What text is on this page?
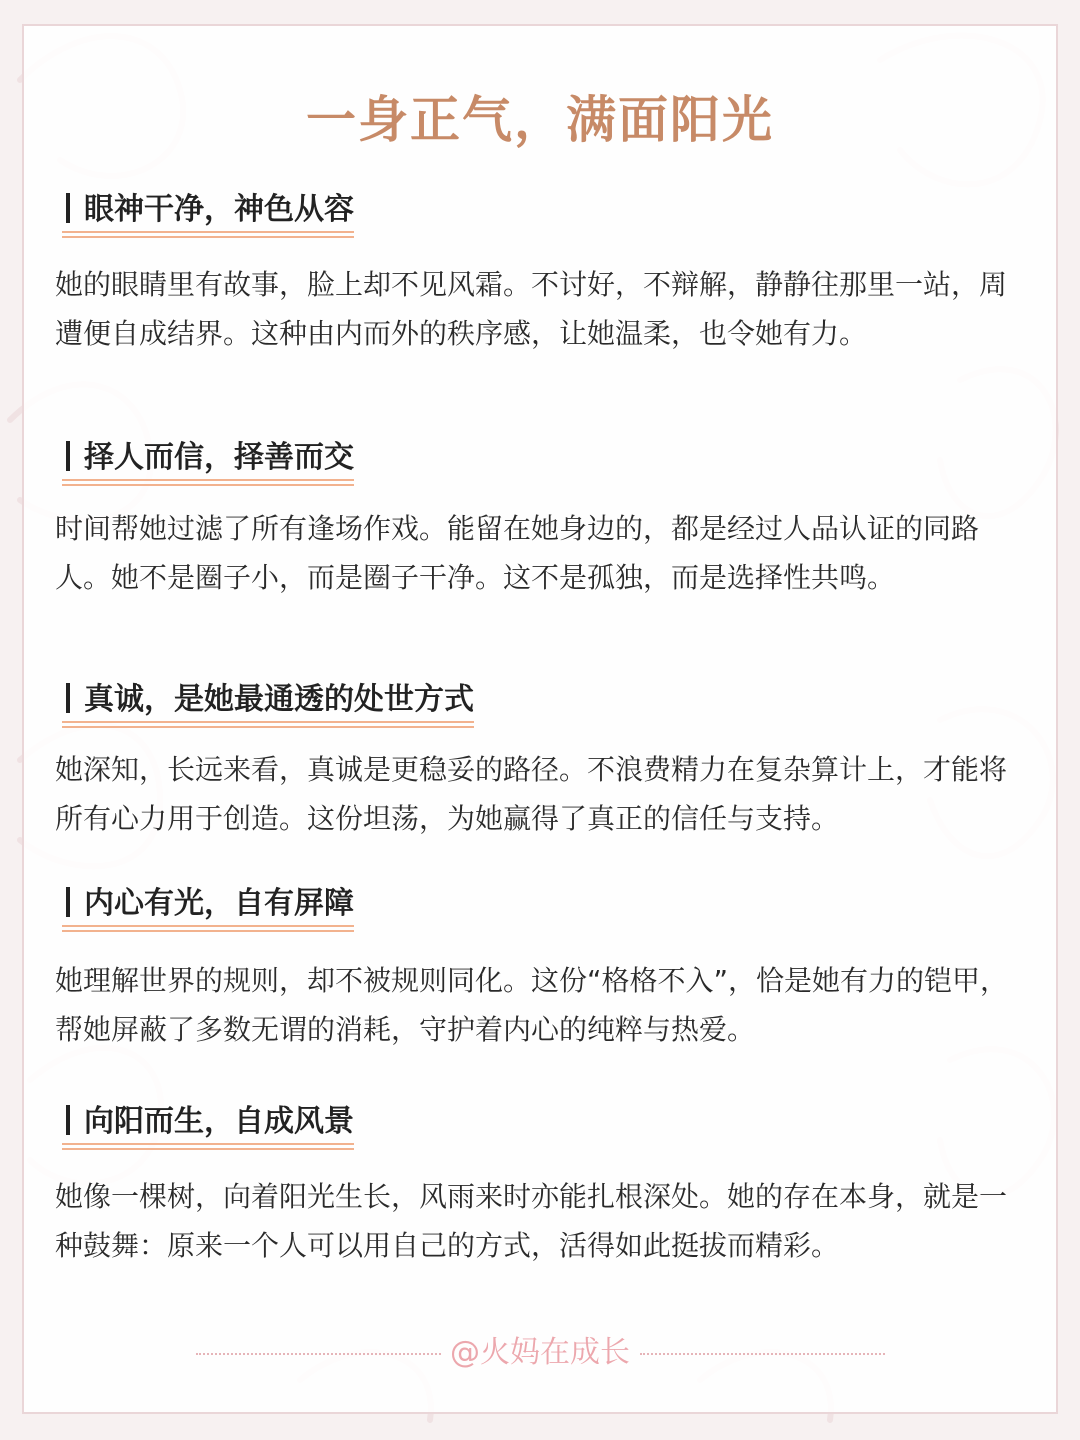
一身正气，满面阳光
眼神干净，神色从容

她的眼睛里有故事，脸上却不见风霜。不讨好，不辩解，静静往那里一站，周遭便自成结界。这种由内而外的秩序感，让她温柔，也令她有力。

择人而信，择善而交

时间帮她过滤了所有逢场作戏。能留在她身边的，都是经过人品认证的同路人。她不是圈子小，而是圈子干净。这不是孤独，而是选择性共鸣。

真诚，是她最通透的处世方式

她深知，长远来看，真诚是更稳妥的路径。不浪费精力在复杂算计上，才能将所有心力用于创造。这份坦荡，为她赢得了真正的信任与支持。

内心有光，自有屏障

她理解世界的规则，却不被规则同化。这份“格格不入”，恰是她有力的铠甲，帮她屏蔽了多数无谓的消耗，守护着内心的纯粹与热爱。

向阳而生，自成风景

她像一棵树，向着阳光生长，风雨来时亦能扎根深处。她的存在本身，就是一种鼓舞：原来一个人可以用自己的方式，活得如此挺拔而精彩。

@火妈在成长
